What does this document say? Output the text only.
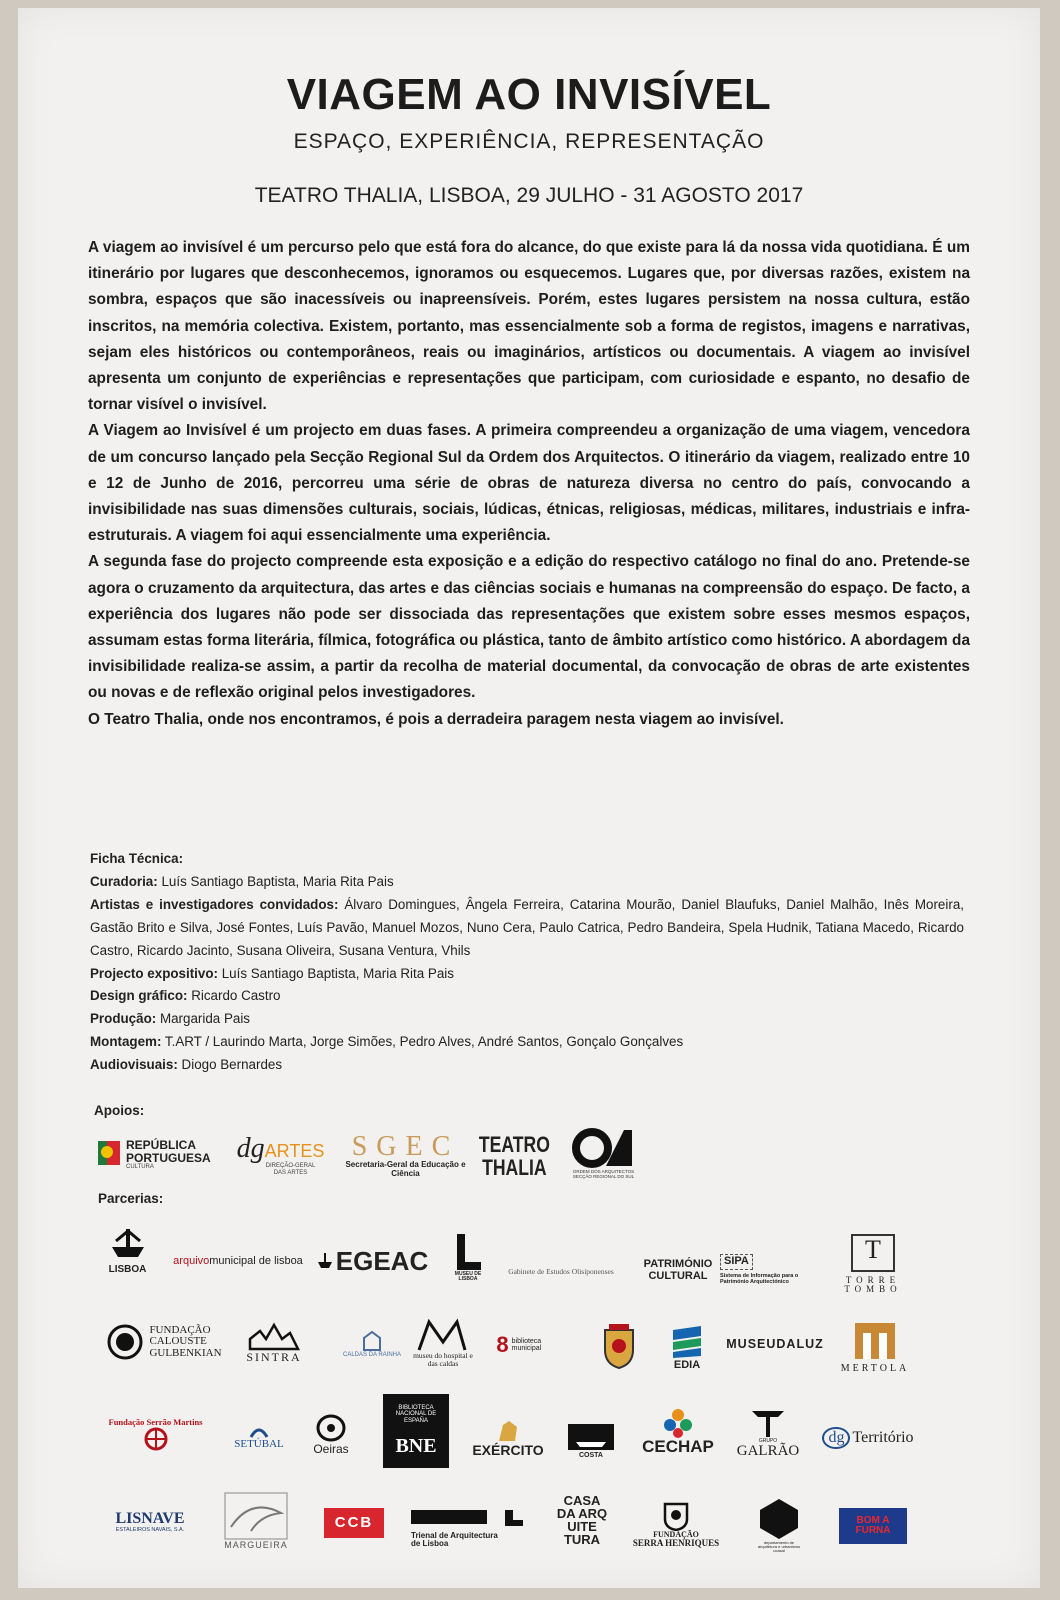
VIAGEM AO INVISÍVEL
ESPAÇO, EXPERIÊNCIA, REPRESENTAÇÃO
TEATRO THALIA, LISBOA, 29 JULHO - 31 AGOSTO 2017

A viagem ao invisível é um percurso pelo que está fora do alcance, do que existe para lá da nossa vida quotidiana. É um itinerário por lugares que desconhecemos, ignoramos ou esquecemos. Lugares que, por diversas razões, existem na sombra, espaços que são inacessíveis ou inapreensíveis. Porém, estes lugares persistem na nossa cultura, estão inscritos, na memória colectiva. Existem, portanto, mas essencialmente sob a forma de registos, imagens e narrativas, sejam eles históricos ou contemporâneos, reais ou imaginários, artísticos ou documentais. A viagem ao invisível apresenta um conjunto de experiências e representações que participam, com curiosidade e espanto, no desafio de tornar visível o invisível.

A Viagem ao Invisível é um projecto em duas fases. A primeira compreendeu a organização de uma viagem, vencedora de um concurso lançado pela Secção Regional Sul da Ordem dos Arquitectos. O itinerário da viagem, realizado entre 10 e 12 de Junho de 2016, percorreu uma série de obras de natureza diversa no centro do país, convocando a invisibilidade nas suas dimensões culturais, sociais, lúdicas, étnicas, religiosas, médicas, militares, industriais e infra-estruturais. A viagem foi aqui essencialmente uma experiência.

A segunda fase do projecto compreende esta exposição e a edição do respectivo catálogo no final do ano. Pretende-se agora o cruzamento da arquitectura, das artes e das ciências sociais e humanas na compreensão do espaço. De facto, a experiência dos lugares não pode ser dissociada das representações que existem sobre esses mesmos espaços, assumam estas forma literária, fílmica, fotográfica ou plástica, tanto de âmbito artístico como histórico. A abordagem da invisibilidade realiza-se assim, a partir da recolha de material documental, da convocação de obras de arte existentes ou novas e de reflexão original pelos investigadores.

O Teatro Thalia, onde nos encontramos, é pois a derradeira paragem nesta viagem ao invisível.

Ficha Técnica:

Curadoria: Luís Santiago Baptista, Maria Rita Pais

Artistas e investigadores convidados: Álvaro Domingues, Ângela Ferreira, Catarina Mourão, Daniel Blaufuks, Daniel Malhão, Inês Moreira, Gastão Brito e Silva, José Fontes, Luís Pavão, Manuel Mozos, Nuno Cera, Paulo Catrica, Pedro Bandeira, Spela Hudnik, Tatiana Macedo, Ricardo Castro, Ricardo Jacinto, Susana Oliveira, Susana Ventura, Vhils

Projecto expositivo: Luís Santiago Baptista, Maria Rita Pais

Design gráfico: Ricardo Castro

Produção: Margarida Pais

Montagem: T.ART / Laurindo Marta, Jorge Simões, Pedro Alves, André Santos, Gonçalo Gonçalves

Audiovisuais: Diogo Bernardes

Apoios:
REPÚBLICA
PORTUGUESA
CULTURA
dgARTES
DIREÇÃO-GERAL DAS ARTES
SGEC
Secretaria-Geral da Educação e Ciência
TEATRO
THALIA	ORDEM DOS ARQUITECTOS SECÇÃO REGIONAL DO SUL
Parcerias:
LISBOA
arquivo municipal de lisboa EGEAC	MUSEU DE LISBOA
Gabinete de Estudos Olisiponenses
PATRIMÓNIO
CULTURAL
SIPA
Sistema de Informação para o Património Arquitectónico
T
TORRE
TOMBO
FUNDAÇÃO
CALOUSTE
GULBENKIAN SINTRA	CALDAS DA RAINHA museu do hospital e das caldas
8 biblioteca municipal
EDIA
MUSEUDALUZ
MERTOLA
Fundação Serrão Martins
SETÚBAL Oeiras
BIBLIOTECA NACIONAL DE ESPAÑA
BNE	EXÉRCITO	COSTA CECHAP	GRUPO
GALRÃO
dg Território
LISNAVE
ESTALEIROS NAVAIS, S.A.
MARGUEIRA
CCB
Trienal de Arquitectura
de Lisboa
CASA
DA ARQ
UITE
TURA	FUNDAÇÃO
SERRA HENRIQUES	departamento de arquitetura e urbanismo ucasal
BOM A
FURNA
